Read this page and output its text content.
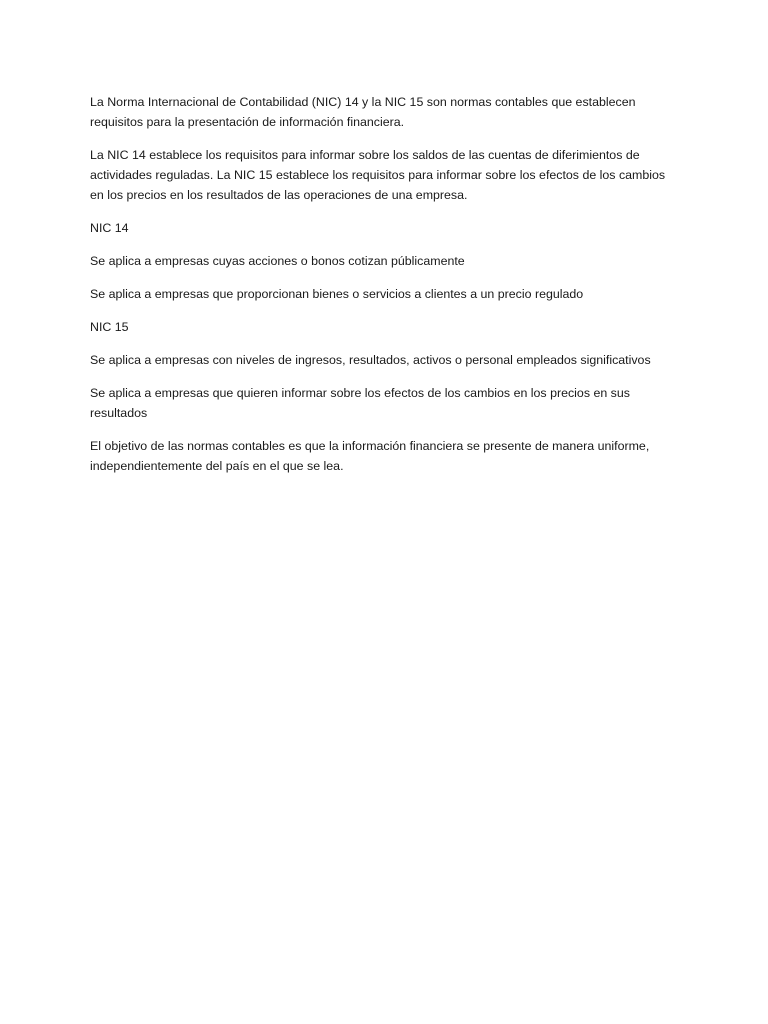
La Norma Internacional de Contabilidad (NIC) 14 y la NIC 15 son normas contables que establecen requisitos para la presentación de información financiera.

La NIC 14 establece los requisitos para informar sobre los saldos de las cuentas de diferimientos de actividades reguladas. La NIC 15 establece los requisitos para informar sobre los efectos de los cambios en los precios en los resultados de las operaciones de una empresa.

NIC 14

Se aplica a empresas cuyas acciones o bonos cotizan públicamente

Se aplica a empresas que proporcionan bienes o servicios a clientes a un precio regulado

NIC 15

Se aplica a empresas con niveles de ingresos, resultados, activos o personal empleados significativos

Se aplica a empresas que quieren informar sobre los efectos de los cambios en los precios en sus resultados

El objetivo de las normas contables es que la información financiera se presente de manera uniforme, independientemente del país en el que se lea.
